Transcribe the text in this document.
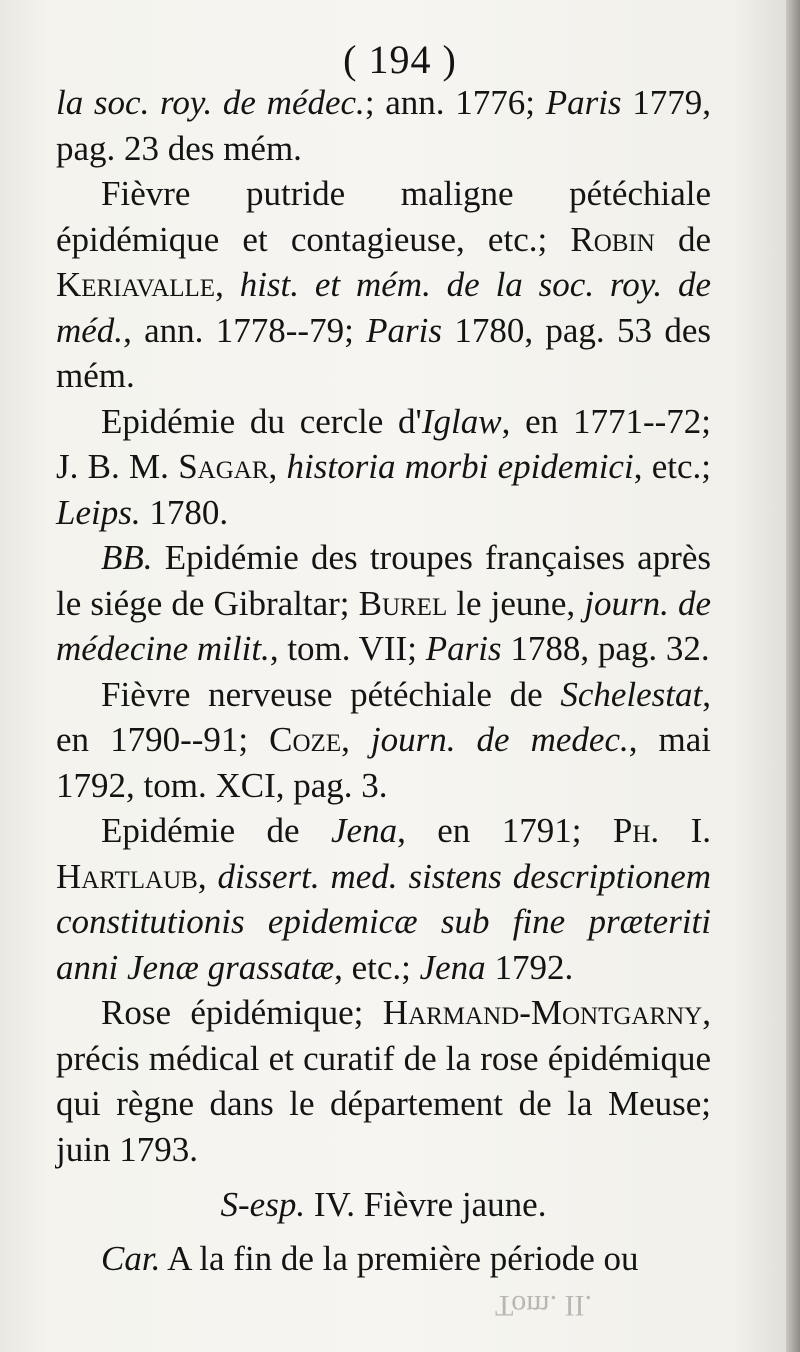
( 194 )

la soc. roy. de médec.; ann. 1776; Paris 1779, pag. 23 des mém.

Fièvre putride maligne pétéchiale épidémique et contagieuse, etc.; Robin de Keriavalle, hist. et mém. de la soc. roy. de méd., ann. 1778--79; Paris 1780, pag. 53 des mém.

Epidémie du cercle d'Iglaw, en 1771--72; J. B. M. Sagar, historia morbi epidemici, etc.; Leips. 1780.

BB. Epidémie des troupes françaises après le siége de Gibraltar; Burel le jeune, journ. de médecine milit., tom. VII; Paris 1788, pag. 32.

Fièvre nerveuse pétéchiale de Schelestat, en 1790--91; Coze, journ. de medec., mai 1792, tom. XCI, pag. 3.

Epidémie de Jena, en 1791; Ph. I. Hartlaub, dissert. med. sistens descriptionem constitutionis epidemicæ sub fine præteriti anni Jenæ grassatæ, etc.; Jena 1792.

Rose épidémique; Harmand-Montgarny, précis médical et curatif de la rose épidémique qui règne dans le département de la Meuse; juin 1793.

S-esp. IV. Fièvre jaune.

Car. A la fin de la première période ou

Tom. II.
